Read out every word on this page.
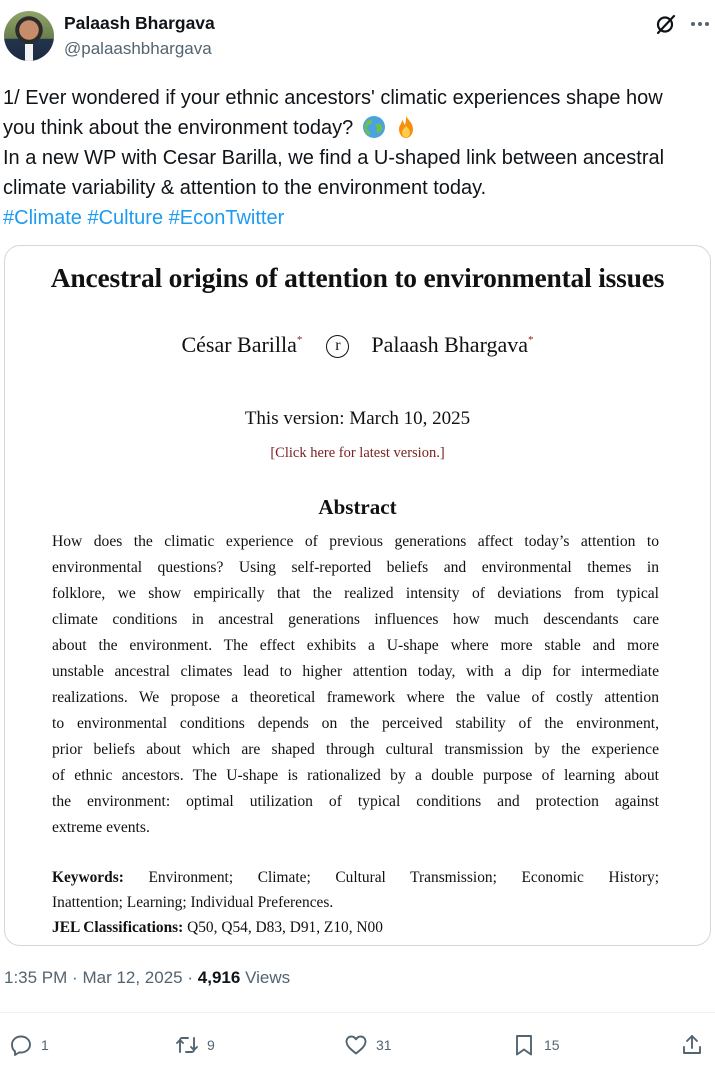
Palaash Bhargava
@palaashbhargava
1/ Ever wondered if your ethnic ancestors' climatic experiences shape how
you think about the environment today?
In a new WP with Cesar Barilla, we find a U-shaped link between ancestral
climate variability & attention to the environment today.
#Climate #Culture #EconTwitter
Ancestral origins of attention to environmental issues
César Barilla* r Palaash Bhargava*
This version: March 10, 2025
[Click here for latest version.]
Abstract
How does the climatic experience of previous generations affect today’s attention to
environmental questions? Using self-reported beliefs and environmental themes in
folklore, we show empirically that the realized intensity of deviations from typical
climate conditions in ancestral generations influences how much descendants care
about the environment. The effect exhibits a U-shape where more stable and more
unstable ancestral climates lead to higher attention today, with a dip for intermediate
realizations. We propose a theoretical framework where the value of costly attention
to environmental conditions depends on the perceived stability of the environment,
prior beliefs about which are shaped through cultural transmission by the experience
of ethnic ancestors. The U-shape is rationalized by a double purpose of learning about
the environment: optimal utilization of typical conditions and protection against
extreme events.
Keywords: Environment; Climate; Cultural Transmission; Economic History;
Inattention; Learning; Individual Preferences.
JEL Classifications: Q50, Q54, D83, D91, Z10, N00
1:35 PM · Mar 12, 2025 · 4,916 Views
1	9	31	15
